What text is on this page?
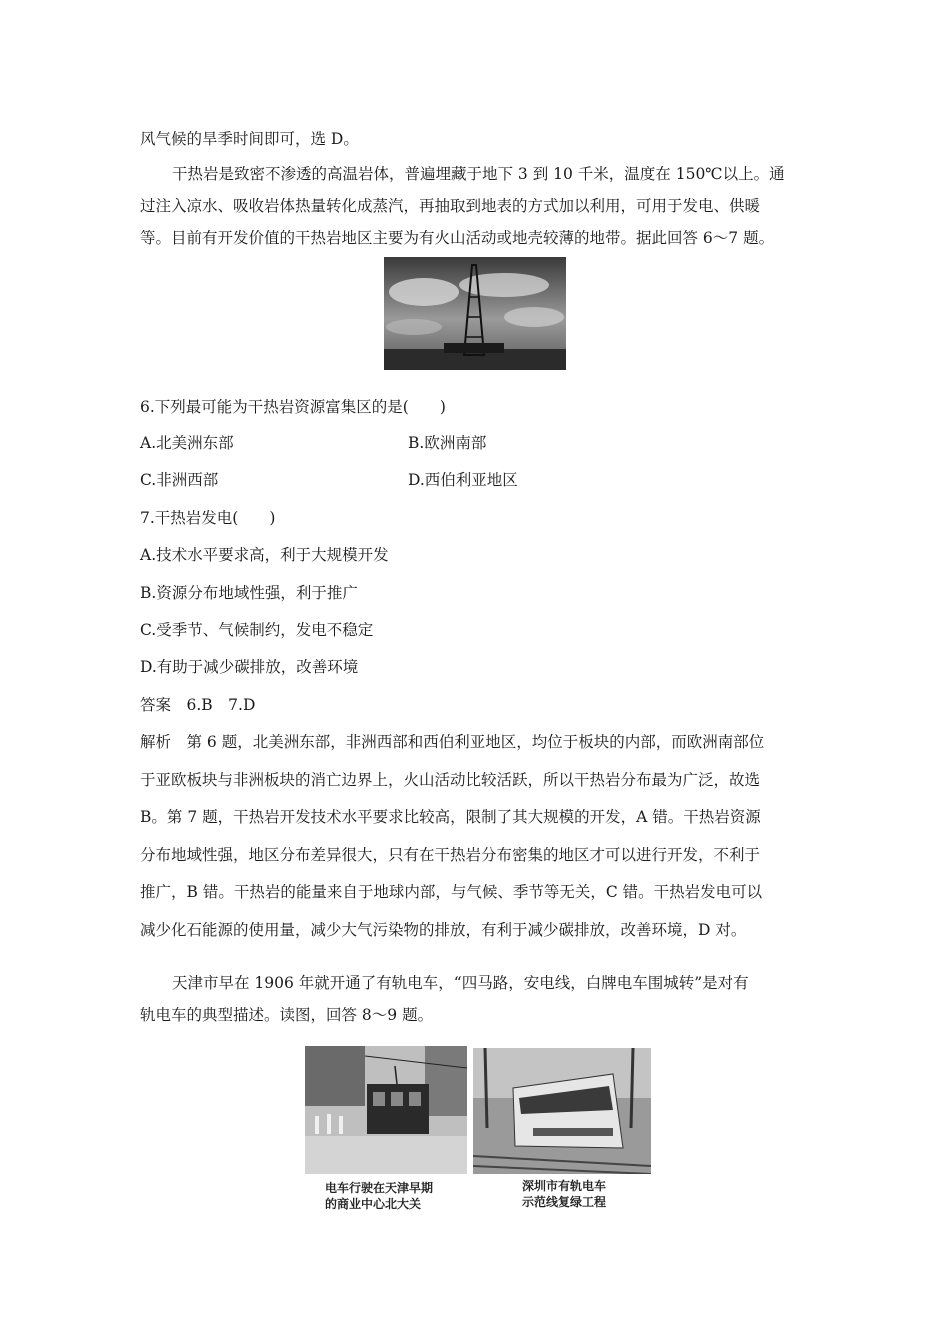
风气候的旱季时间即可，选 D。
干热岩是致密不渗透的高温岩体，普遍埋藏于地下 3 到 10 千米，温度在 150℃以上。通
过注入凉水、吸收岩体热量转化成蒸汽，再抽取到地表的方式加以利用，可用于发电、供暖
等。目前有开发价值的干热岩地区主要为有火山活动或地壳较薄的地带。据此回答 6～7 题。
6.下列最可能为干热岩资源富集区的是(　　)
A.北美洲东部	B.欧洲南部
C.非洲西部	D.西伯利亚地区
7.干热岩发电(　　)
A.技术水平要求高，利于大规模开发
B.资源分布地域性强，利于推广
C.受季节、气候制约，发电不稳定
D.有助于减少碳排放，改善环境
答案　6.B　7.D
解析　第 6 题，北美洲东部，非洲西部和西伯利亚地区，均位于板块的内部，而欧洲南部位
于亚欧板块与非洲板块的消亡边界上，火山活动比较活跃，所以干热岩分布最为广泛，故选
B。第 7 题，干热岩开发技术水平要求比较高，限制了其大规模的开发，A 错。干热岩资源
分布地域性强，地区分布差异很大，只有在干热岩分布密集的地区才可以进行开发，不利于
推广，B 错。干热岩的能量来自于地球内部，与气候、季节等无关，C 错。干热岩发电可以
减少化石能源的使用量，减少大气污染物的排放，有利于减少碳排放，改善环境，D 对。
天津市早在 1906 年就开通了有轨电车，“四马路，安电线，白牌电车围城转”是对有
轨电车的典型描述。读图，回答 8～9 题。
电车行驶在天津早期
的商业中心北大关
深圳市有轨电车
示范线复绿工程
